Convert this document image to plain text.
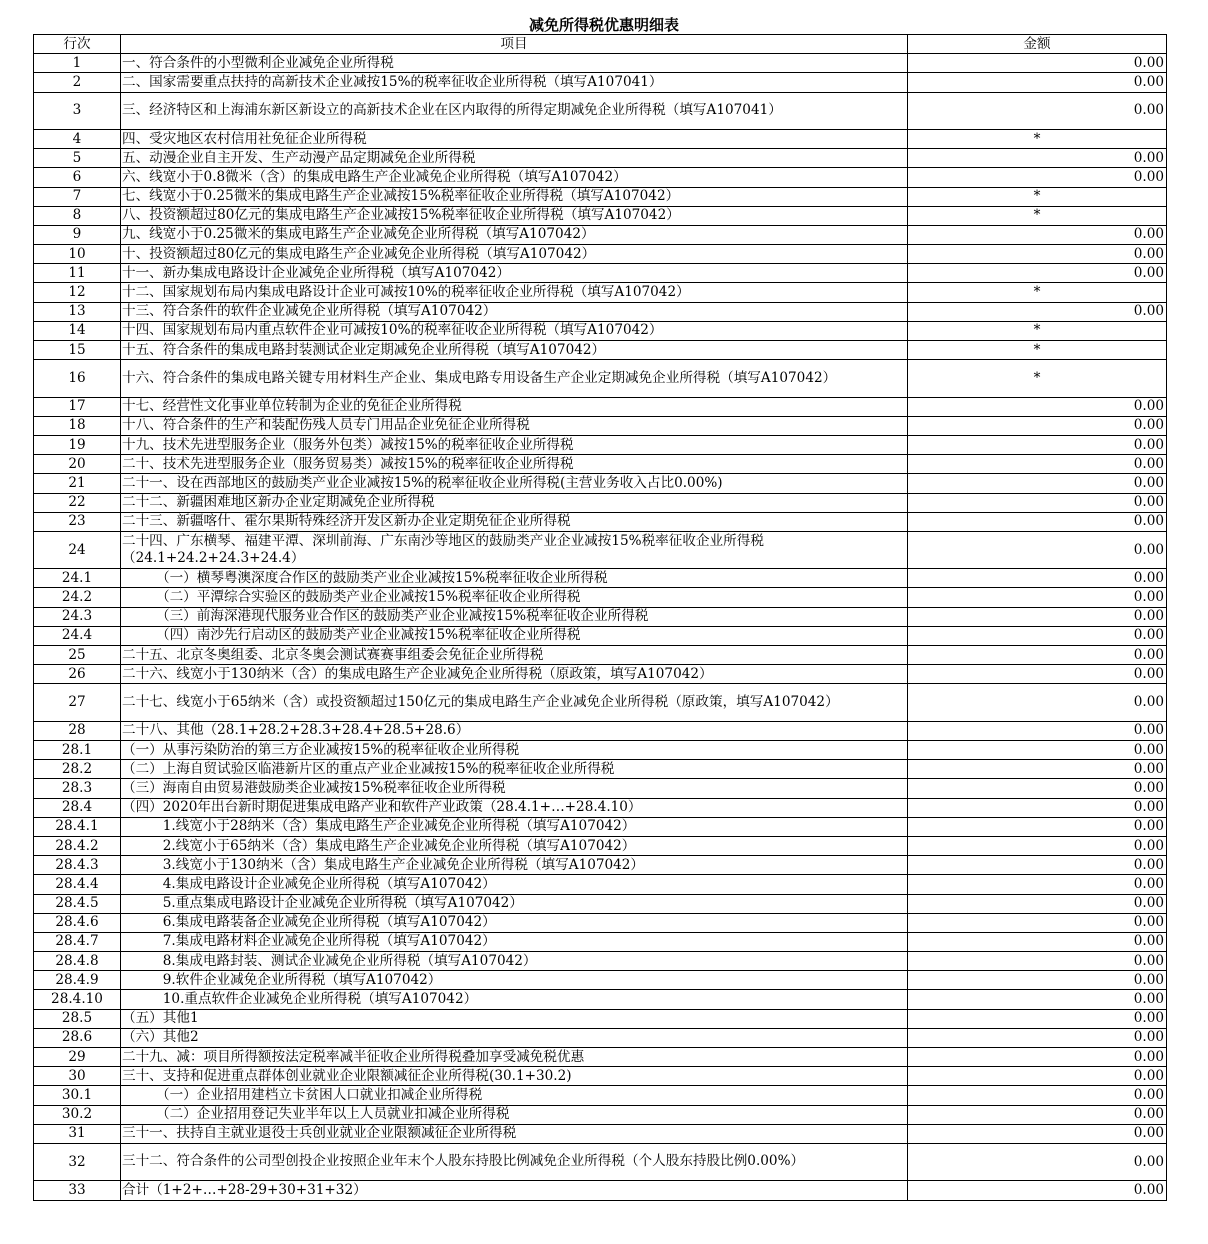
减免所得税优惠明细表
行次	项目	金额
1	一、符合条件的小型微利企业减免企业所得税	0.00
2	二、国家需要重点扶持的高新技术企业减按15%的税率征收企业所得税（填写A107041）	0.00
3	三、经济特区和上海浦东新区新设立的高新技术企业在区内取得的所得定期减免企业所得税（填写A107041）	0.00
4	四、受灾地区农村信用社免征企业所得税	*
5	五、动漫企业自主开发、生产动漫产品定期减免企业所得税	0.00
6	六、线宽小于0.8微米（含）的集成电路生产企业减免企业所得税（填写A107042）	0.00
7	七、线宽小于0.25微米的集成电路生产企业减按15%税率征收企业所得税（填写A107042）	*
8	八、投资额超过80亿元的集成电路生产企业减按15%税率征收企业所得税（填写A107042）	*
9	九、线宽小于0.25微米的集成电路生产企业减免企业所得税（填写A107042）	0.00
10	十、投资额超过80亿元的集成电路生产企业减免企业所得税（填写A107042）	0.00
11	十一、新办集成电路设计企业减免企业所得税（填写A107042）	0.00
12	十二、国家规划布局内集成电路设计企业可减按10%的税率征收企业所得税（填写A107042）	*
13	十三、符合条件的软件企业减免企业所得税（填写A107042）	0.00
14	十四、国家规划布局内重点软件企业可减按10%的税率征收企业所得税（填写A107042）	*
15	十五、符合条件的集成电路封装测试企业定期减免企业所得税（填写A107042）	*
16	十六、符合条件的集成电路关键专用材料生产企业、集成电路专用设备生产企业定期减免企业所得税（填写A107042）	*
17	十七、经营性文化事业单位转制为企业的免征企业所得税	0.00
18	十八、符合条件的生产和装配伤残人员专门用品企业免征企业所得税	0.00
19	十九、技术先进型服务企业（服务外包类）减按15%的税率征收企业所得税	0.00
20	二十、技术先进型服务企业（服务贸易类）减按15%的税率征收企业所得税	0.00
21	二十一、设在西部地区的鼓励类产业企业减按15%的税率征收企业所得税(主营业务收入占比0.00%)	0.00
22	二十二、新疆困难地区新办企业定期减免企业所得税	0.00
23	二十三、新疆喀什、霍尔果斯特殊经济开发区新办企业定期免征企业所得税	0.00
24	二十四、广东横琴、福建平潭、深圳前海、广东南沙等地区的鼓励类产业企业减按15%税率征收企业所得税（24.1+24.2+24.3+24.4）	0.00
24.1	　　　（一）横琴粤澳深度合作区的鼓励类产业企业减按15%税率征收企业所得税	0.00
24.2	　　　（二）平潭综合实验区的鼓励类产业企业减按15%税率征收企业所得税	0.00
24.3	　　　（三）前海深港现代服务业合作区的鼓励类产业企业减按15%税率征收企业所得税	0.00
24.4	　　　（四）南沙先行启动区的鼓励类产业企业减按15%税率征收企业所得税	0.00
25	二十五、北京冬奥组委、北京冬奥会测试赛赛事组委会免征企业所得税	0.00
26	二十六、线宽小于130纳米（含）的集成电路生产企业减免企业所得税（原政策，填写A107042）	0.00
27	二十七、线宽小于65纳米（含）或投资额超过150亿元的集成电路生产企业减免企业所得税（原政策，填写A107042）	0.00
28	二十八、其他（28.1+28.2+28.3+28.4+28.5+28.6）	0.00
28.1	（一）从事污染防治的第三方企业减按15%的税率征收企业所得税	0.00
28.2	（二）上海自贸试验区临港新片区的重点产业企业减按15%的税率征收企业所得税	0.00
28.3	（三）海南自由贸易港鼓励类企业减按15%税率征收企业所得税	0.00
28.4	（四）2020年出台新时期促进集成电路产业和软件产业政策（28.4.1+…+28.4.10）	0.00
28.4.1	　　　1.线宽小于28纳米（含）集成电路生产企业减免企业所得税（填写A107042）	0.00
28.4.2	　　　2.线宽小于65纳米（含）集成电路生产企业减免企业所得税（填写A107042）	0.00
28.4.3	　　　3.线宽小于130纳米（含）集成电路生产企业减免企业所得税（填写A107042）	0.00
28.4.4	　　　4.集成电路设计企业减免企业所得税（填写A107042）	0.00
28.4.5	　　　5.重点集成电路设计企业减免企业所得税（填写A107042）	0.00
28.4.6	　　　6.集成电路装备企业减免企业所得税（填写A107042）	0.00
28.4.7	　　　7.集成电路材料企业减免企业所得税（填写A107042）	0.00
28.4.8	　　　8.集成电路封装、测试企业减免企业所得税（填写A107042）	0.00
28.4.9	　　　9.软件企业减免企业所得税（填写A107042）	0.00
28.4.10	　　　10.重点软件企业减免企业所得税（填写A107042）	0.00
28.5	（五）其他1	0.00
28.6	（六）其他2	0.00
29	二十九、减：项目所得额按法定税率减半征收企业所得税叠加享受减免税优惠	0.00
30	三十、支持和促进重点群体创业就业企业限额减征企业所得税(30.1+30.2)	0.00
30.1	　　　（一）企业招用建档立卡贫困人口就业扣减企业所得税	0.00
30.2	　　　（二）企业招用登记失业半年以上人员就业扣减企业所得税	0.00
31	三十一、扶持自主就业退役士兵创业就业企业限额减征企业所得税	0.00
32	三十二、符合条件的公司型创投企业按照企业年末个人股东持股比例减免企业所得税（个人股东持股比例0.00%）	0.00
33	合计（1+2+…+28-29+30+31+32）	0.00
